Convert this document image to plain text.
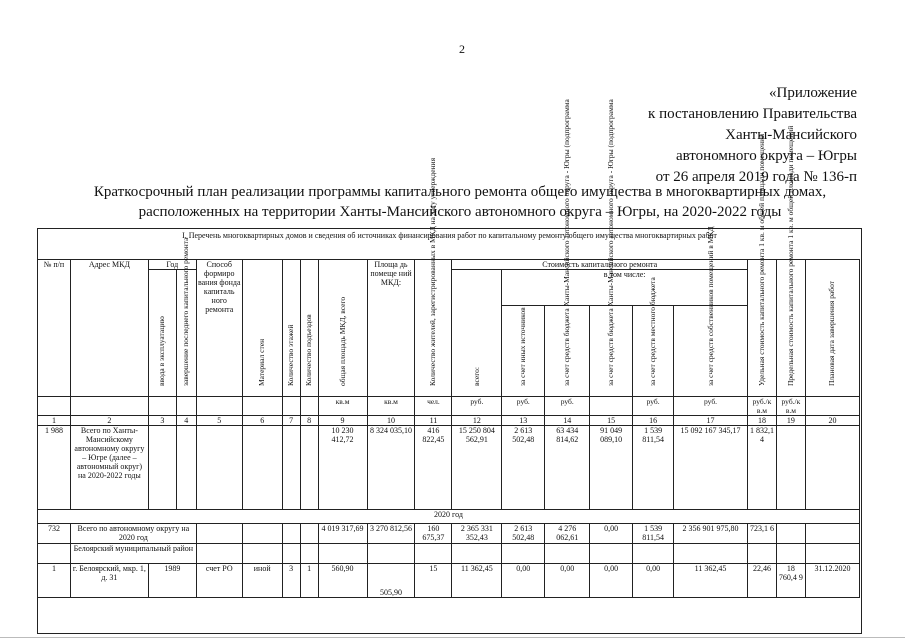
2
«Приложение
к постановлению Правительства
Ханты-Мансийского
автономного округа – Югры
от 26 апреля 2019 года № 136-п
Краткосрочный план реализации программы капитального ремонта общего имущества в многоквартирных домах,
расположенных на территории Ханты-Мансийского автономного округа – Югры, на 2020-2022 годы
I. Перечень многоквартирных домов и сведения об источниках финансирования работ по капитальному ремонту общего имущества многоквартирных работ
№ п/п	Адрес МКД	Год		Способ формиро вания фонда капиталь ного ремонта	Материал стен	Количество этажей	Количество подъездов	общая площадь МКД, всего	Площа дь помеще ний МКД:	Количество жителей, зарегистрированных в МКД на дату утверждения	Стоимость капитального ремонта						Удельная стоимость капитального ремонта 1 кв. м общей площади помещений	Предельная стоимость капитального ремонта 1 кв. м общей площади помещений	Плановая дата завершения работ

		ввода в эксплуатацию	завершение последнего капитального ремонта								всего:	в том числе:							

												за счет иных источников	за счет средств бюджета Ханты-Мансийского автономного округа - Югры (подпрограмма	за счет средств бюджета Ханты-Мансийского автономного округа - Югры (подпрограмма	за счет средств местного бюджета	за счет средств собственников помещений в МКД			

								кв.м	кв.м	чел.	руб.	руб.	руб.		руб.	руб.	руб./к в.м	руб./к в.м	
1	2	3	4	5	6	7	8	9	10	11	12	13	14	15	16	17	18	19	20
1 988	Всего по Ханты-Мансийскому автономному округу – Югре (далее – автономный округ) на 2020-2022 годы							10 230 412,72	8 324 035,10	416 822,45	15 250 804 562,91	2 613 502,48	63 434 814,62	91 049 089,10	1 539 811,54	15 092 167 345,17	1 832,1 4		
2020 год																			
732	Всего по автономному округу на 2020 год							4 019 317,69	3 270 812,56	160 675,37	2 365 331 352,43	2 613 502,48	4 276 062,61	0,00	1 539 811,54	2 356 901 975,80	723,1 6		
	Белоярский муниципальный район																		
1	г. Белоярский, мкр. 1, д. 31	1989		счет РО	иной	3	1	560,90	505,90	15	11 362,45	0,00	0,00	0,00	0,00	11 362,45	22,46	18 760,4 9	31.12.2020
